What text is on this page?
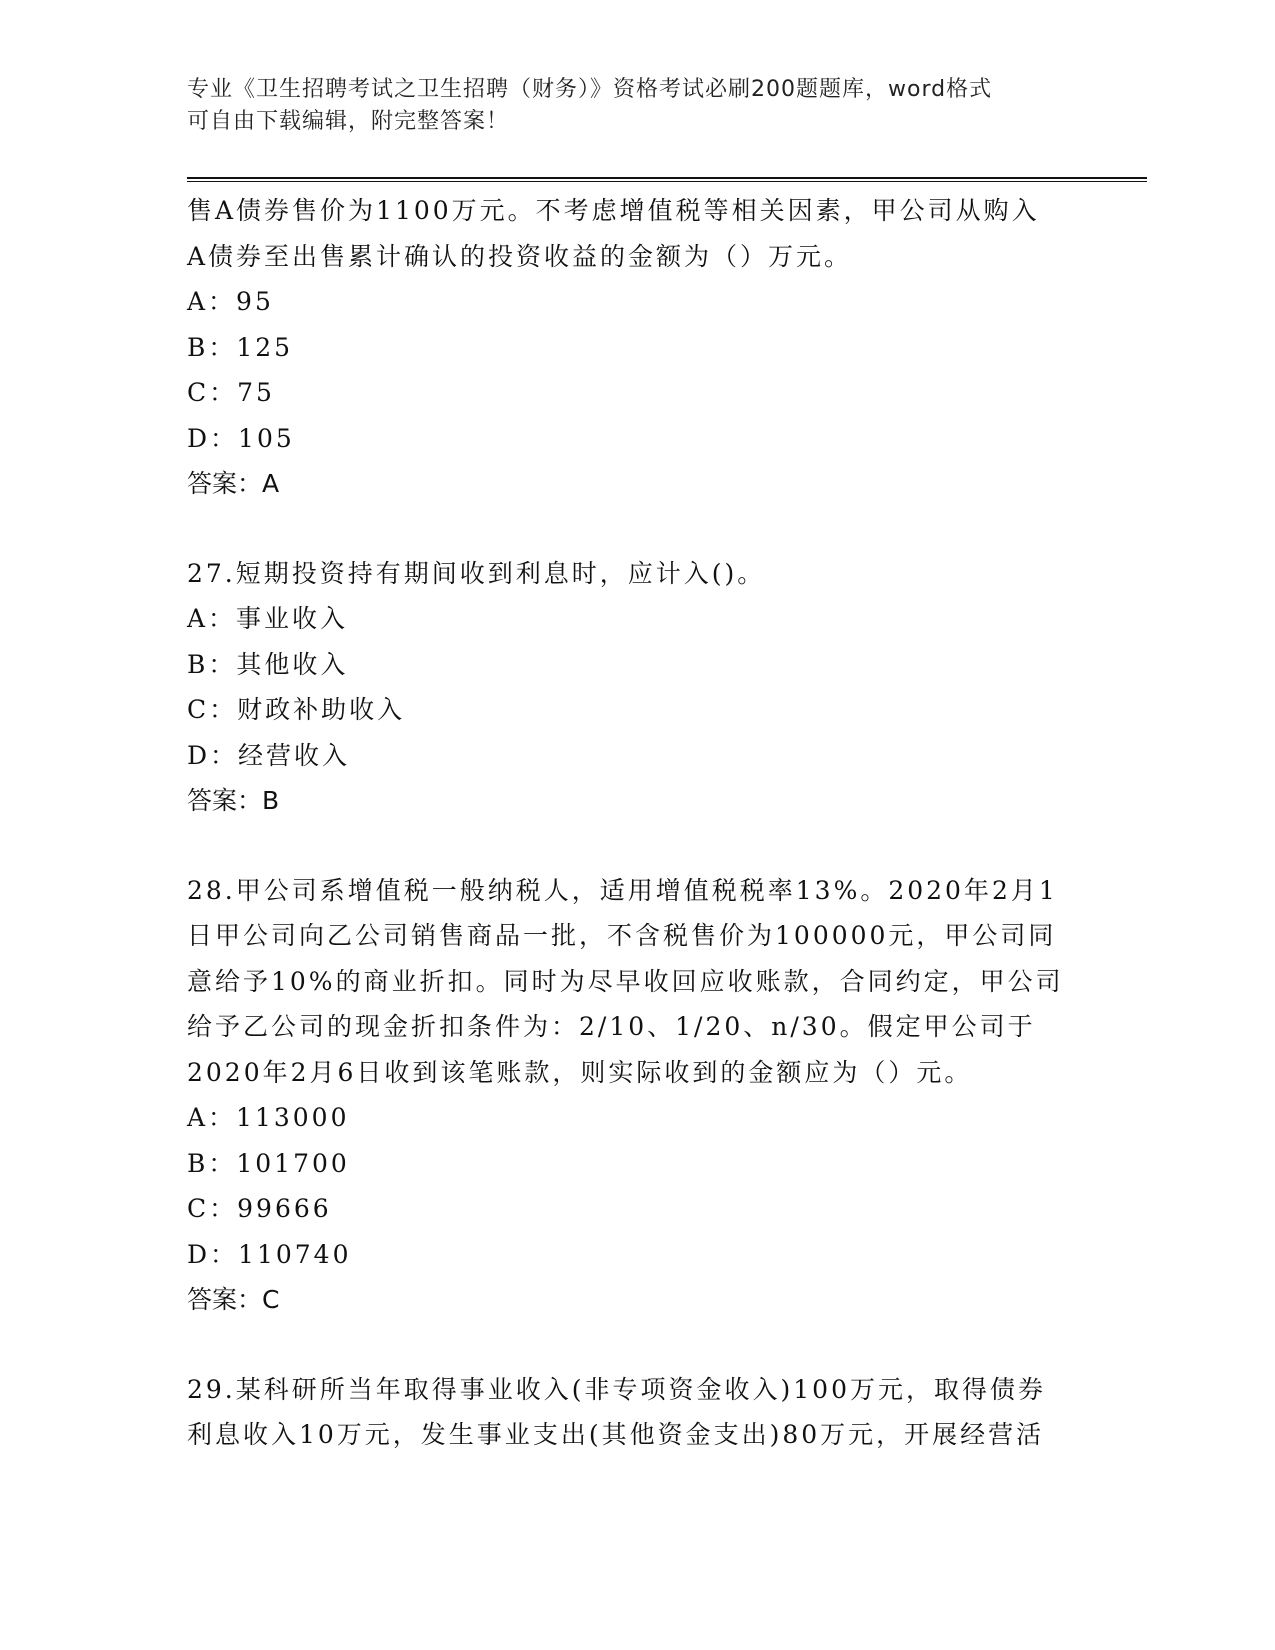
专业《卫生招聘考试之卫生招聘（财务）》资格考试必刷200题题库，word格式
可自由下载编辑，附完整答案！
售A债券售价为1100万元。不考虑增值税等相关因素，甲公司从购入
A债券至出售累计确认的投资收益的金额为（）万元。
A：95
B：125
C：75
D：105
答案：A
27.短期投资持有期间收到利息时，应计入()。
A：事业收入
B：其他收入
C：财政补助收入
D：经营收入
答案：B
28.甲公司系增值税一般纳税人，适用增值税税率13%。2020年2月1
日甲公司向乙公司销售商品一批，不含税售价为100000元，甲公司同
意给予10%的商业折扣。同时为尽早收回应收账款，合同约定，甲公司
给予乙公司的现金折扣条件为：2/10、1/20、n/30。假定甲公司于
2020年2月6日收到该笔账款，则实际收到的金额应为（）元。
A：113000
B：101700
C：99666
D：110740
答案：C
29.某科研所当年取得事业收入(非专项资金收入)100万元，取得债券
利息收入10万元，发生事业支出(其他资金支出)80万元，开展经营活
